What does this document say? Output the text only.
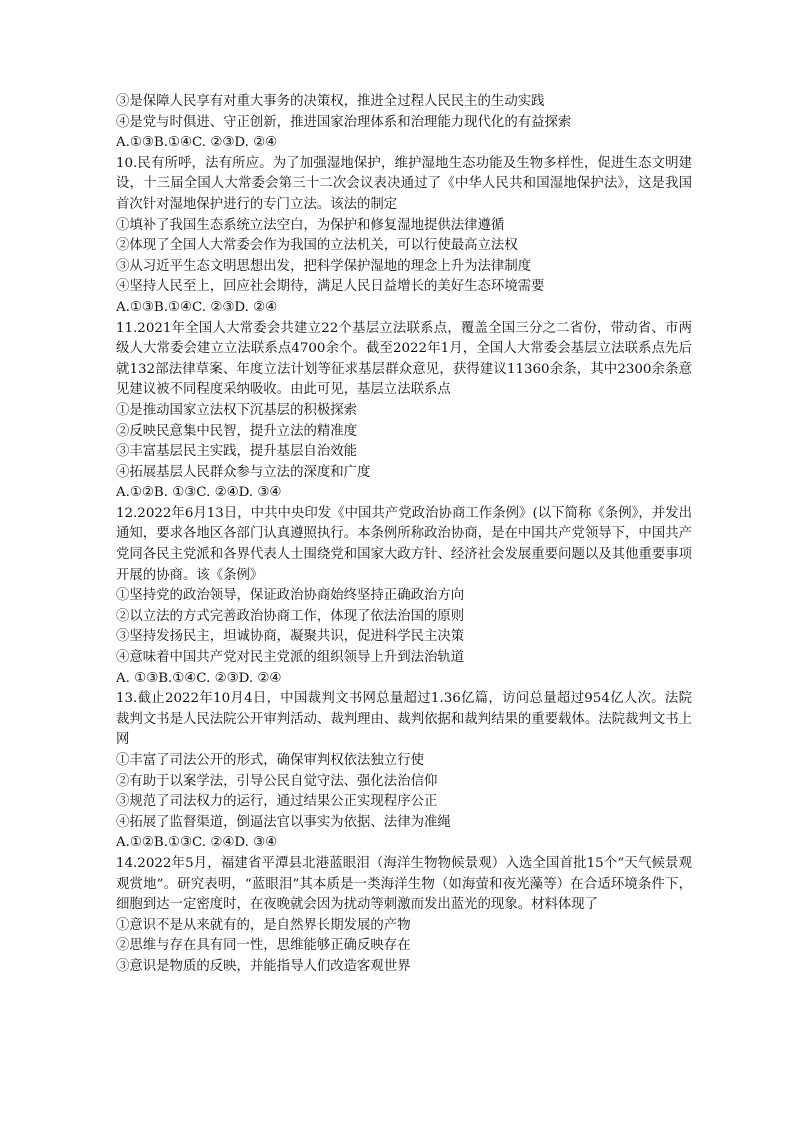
③是保障人民享有对重大事务的决策权，推进全过程人民民主的生动实践
④是党与时俱进、守正创新，推进国家治理体系和治理能力现代化的有益探索
A.①③B.①④C. ②③D. ②④
10.民有所呼，法有所应。为了加强湿地保护，维护湿地生态功能及生物多样性，促进生态文明建设，十三届全国人大常委会第三十二次会议表决通过了《中华人民共和国湿地保护法》，这是我国首次针对湿地保护进行的专门立法。该法的制定
①填补了我国生态系统立法空白，为保护和修复湿地提供法律遵循
②体现了全国人大常委会作为我国的立法机关，可以行使最高立法权
③从习近平生态文明思想出发，把科学保护湿地的理念上升为法律制度
④坚持人民至上，回应社会期待，满足人民日益增长的美好生态环境需要
A.①③B.①④C. ②③D. ②④
11.2021年全国人大常委会共建立22个基层立法联系点，覆盖全国三分之二省份，带动省、市两级人大常委会建立立法联系点4700余个。截至2022年1月，全国人大常委会基层立法联系点先后就132部法律草案、年度立法计划等征求基层群众意见，获得建议11360余条，其中2300余条意见建议被不同程度采纳吸收。由此可见，基层立法联系点
①是推动国家立法权下沉基层的积极探索
②反映民意集中民智，提升立法的精准度
③丰富基层民主实践，提升基层自治效能
④拓展基层人民群众参与立法的深度和广度
A.①②B. ①③C. ②④D. ③④
12.2022年6月13日，中共中央印发《中国共产党政治协商工作条例》(以下简称《条例》，并发出通知，要求各地区各部门认真遵照执行。本条例所称政治协商，是在中国共产党领导下，中国共产党同各民主党派和各界代表人士围绕党和国家大政方针、经济社会发展重要问题以及其他重要事项开展的协商。该《条例》
①坚持党的政治领导，保证政治协商始终坚持正确政治方向
②以立法的方式完善政治协商工作，体现了依法治国的原则
③坚持发扬民主，坦诚协商，凝聚共识，促进科学民主决策
④意味着中国共产党对民主党派的组织领导上升到法治轨道
A. ①③B.①④C. ②③D. ②④
13.截止2022年10月4日，中国裁判文书网总量超过1.36亿篇，访问总量超过954亿人次。法院裁判文书是人民法院公开审判活动、裁判理由、裁判依据和裁判结果的重要载体。法院裁判文书上网
①丰富了司法公开的形式，确保审判权依法独立行使
②有助于以案学法，引导公民自觉守法、强化法治信仰
③规范了司法权力的运行，通过结果公正实现程序公正
④拓展了监督渠道，倒逼法官以事实为依据、法律为准绳
A.①②B.①③C. ②④D. ③④
14.2022年5月，福建省平潭县北港蓝眼泪（海洋生物物候景观）入选全国首批15个“天气候景观观赏地”。研究表明，“蓝眼泪”其本质是一类海洋生物（如海萤和夜光藻等）在合适环境条件下，细胞到达一定密度时，在夜晚就会因为扰动等刺激而发出蓝光的现象。材料体现了
①意识不是从来就有的，是自然界长期发展的产物
②思维与存在具有同一性，思维能够正确反映存在
③意识是物质的反映，并能指导人们改造客观世界
